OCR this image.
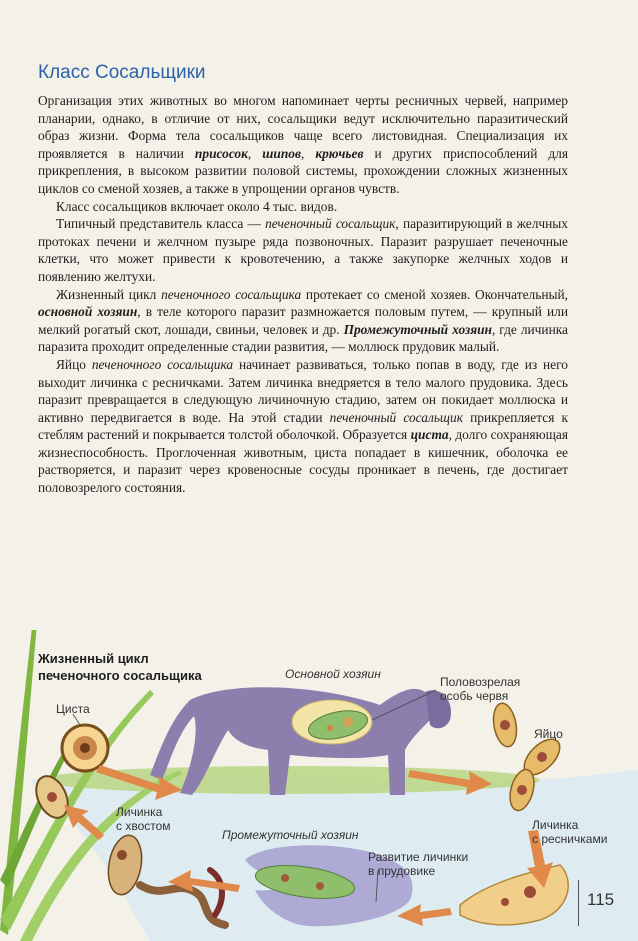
Класс Сосальщики

Организация этих животных во многом напоминает черты ресничных червей, например планарии, однако, в отличие от них, сосальщики ведут исключительно паразитический образ жизни. Форма тела сосальщиков чаще всего листовидная. Специализация их проявляется в наличии присосок, шипов, крючьев и других приспособлений для прикрепления, в высоком развитии половой системы, прохождении сложных жизненных циклов со сменой хозяев, а также в упрощении органов чувств.

Класс сосальщиков включает около 4 тыс. видов.

Типичный представитель класса — печеночный сосальщик, паразитирующий в желчных протоках печени и желчном пузыре ряда позвоночных. Паразит разрушает печеночные клетки, что может привести к кровотечению, а также закупорке желчных ходов и появлению желтухи.

Жизненный цикл печеночного сосальщика протекает со сменой хозяев. Окончательный, основной хозяин, в теле которого паразит размножается половым путем, — крупный или мелкий рогатый скот, лошади, свиньи, человек и др. Промежуточный хозяин, где личинка паразита проходит определенные стадии развития, — моллюск прудовик малый.

Яйцо печеночного сосальщика начинает развиваться, только попав в воду, где из него выходит личинка с ресничками. Затем личинка внедряется в тело малого прудовика. Здесь паразит превращается в следующую личиночную стадию, затем он покидает моллюска и активно передвигается в воде. На этой стадии печеночный сосальщик прикрепляется к стеблям растений и покрывается толстой оболочкой. Образуется циста, долго сохраняющая жизнеспособность. Проглоченная животным, циста попадает в кишечник, оболочка ее растворяется, и паразит через кровеносные сосуды проникает в печень, где достигает половозрелого состояния.

Жизненный цикл
печеночного сосальщика	Основной хозяин
Половозрелая
особь червя
Циста
Яйцо
Личинка
с хвостом
Промежуточный хозяин
Личинка
с ресничками
Развитие личинки
в прудовике
115
